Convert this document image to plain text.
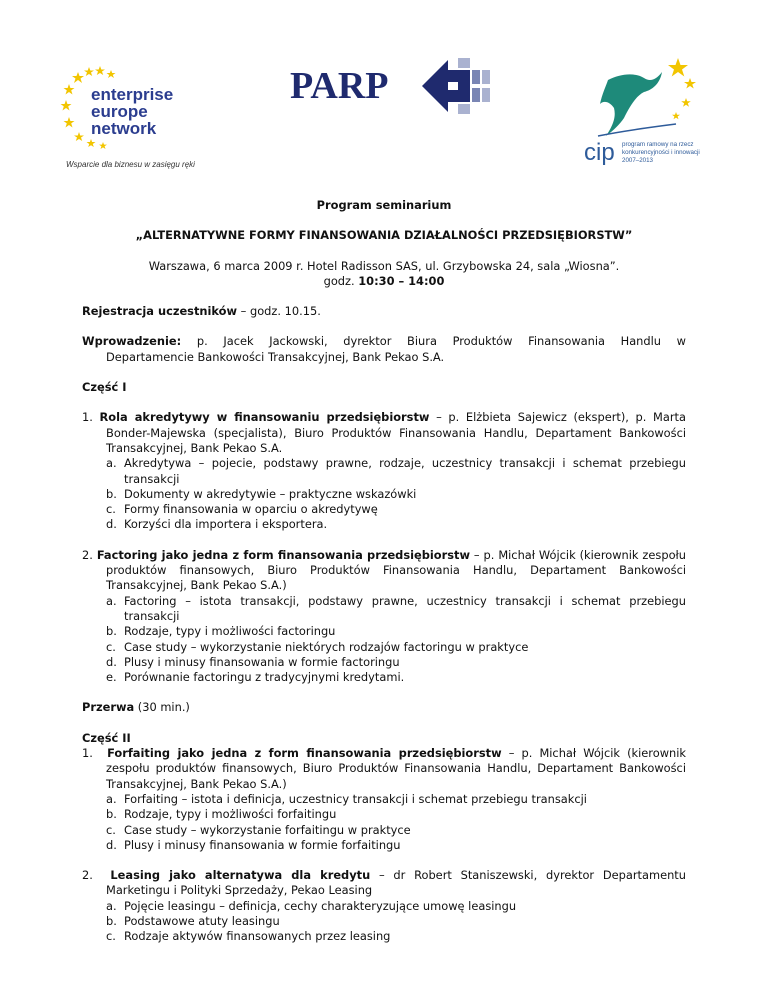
enterprise
europe
network
Wsparcie dla biznesu w zasięgu ręki
PARP
cip program ramowy na rzecz
konkurencyjności i innowacji
2007–2013

Program seminarium

„ALTERNATYWNE FORMY FINANSOWANIA DZIAŁALNOŚCI PRZEDSIĘBIORSTW”

Warszawa, 6 marca 2009 r. Hotel Radisson SAS, ul. Grzybowska 24, sala „Wiosna”.

godz. 10:30 – 14:00

Rejestracja uczestników – godz. 10.15.

Wprowadzenie: p. Jacek Jackowski, dyrektor Biura Produktów Finansowania Handlu w

Departamencie Bankowości Transakcyjnej, Bank Pekao S.A.

Część I

1. Rola akredytywy w finansowaniu przedsiębiorstw – p. Elżbieta Sajewicz (ekspert), p. Marta Bonder-Majewska (specjalista), Biuro Produktów Finansowania Handlu, Departament Bankowości Transakcyjnej, Bank Pekao S.A.

a. Akredytywa – pojecie, podstawy prawne, rodzaje, uczestnicy transakcji i schemat przebiegu transakcji

b. Dokumenty w akredytywie – praktyczne wskazówki

c. Formy finansowania w oparciu o akredytywę

d. Korzyści dla importera i eksportera.

2. Factoring jako jedna z form finansowania przedsiębiorstw – p. Michał Wójcik (kierownik zespołu produktów finansowych, Biuro Produktów Finansowania Handlu, Departament Bankowości Transakcyjnej, Bank Pekao S.A.)

a. Factoring – istota transakcji, podstawy prawne, uczestnicy transakcji i schemat przebiegu transakcji

b. Rodzaje, typy i możliwości factoringu

c. Case study – wykorzystanie niektórych rodzajów factoringu w praktyce

d. Plusy i minusy finansowania w formie factoringu

e. Porównanie factoringu z tradycyjnymi kredytami.

Przerwa (30 min.)

Część II

1. Forfaiting jako jedna z form finansowania przedsiębiorstw – p. Michał Wójcik (kierownik zespołu produktów finansowych, Biuro Produktów Finansowania Handlu, Departament Bankowości Transakcyjnej, Bank Pekao S.A.)

a. Forfaiting – istota i definicja, uczestnicy transakcji i schemat przebiegu transakcji

b. Rodzaje, typy i możliwości forfaitingu

c. Case study – wykorzystanie forfaitingu w praktyce

d. Plusy i minusy finansowania w formie forfaitingu

2. Leasing jako alternatywa dla kredytu – dr Robert Staniszewski, dyrektor Departamentu Marketingu i Polityki Sprzedaży, Pekao Leasing

a. Pojęcie leasingu – definicja, cechy charakteryzujące umowę leasingu

b. Podstawowe atuty leasingu

c. Rodzaje aktywów finansowanych przez leasing
